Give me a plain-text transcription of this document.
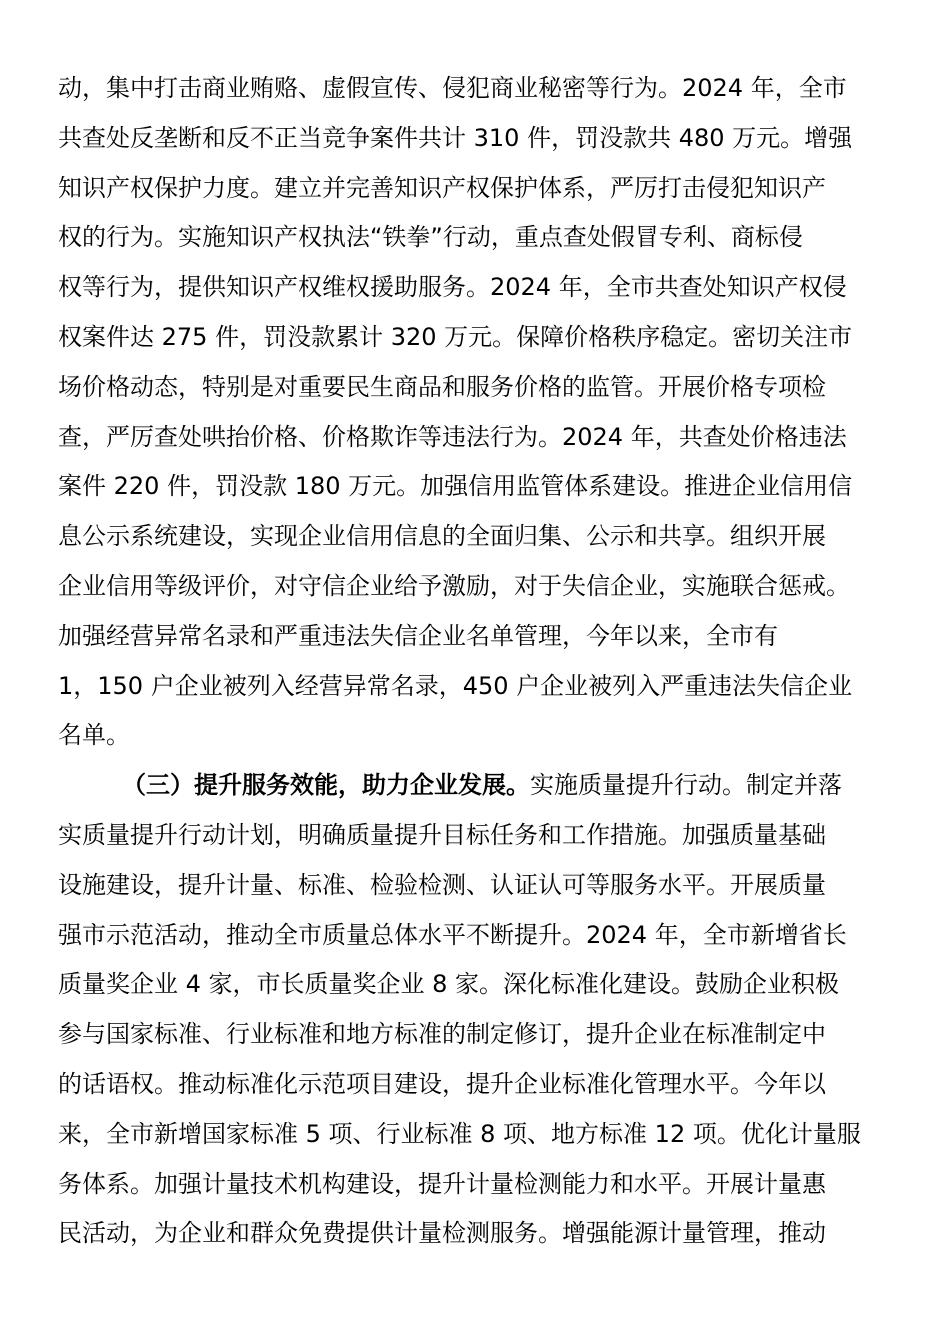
动，集中打击商业贿赂、虚假宣传、侵犯商业秘密等行为。2024 年，全市
共查处反垄断和反不正当竞争案件共计 310 件，罚没款共 480 万元。增强
知识产权保护力度。建立并完善知识产权保护体系，严厉打击侵犯知识产
权的行为。实施知识产权执法“铁拳”行动，重点查处假冒专利、商标侵
权等行为，提供知识产权维权援助服务。2024 年，全市共查处知识产权侵
权案件达 275 件，罚没款累计 320 万元。保障价格秩序稳定。密切关注市
场价格动态，特别是对重要民生商品和服务价格的监管。开展价格专项检
查，严厉查处哄抬价格、价格欺诈等违法行为。2024 年，共查处价格违法
案件 220 件，罚没款 180 万元。加强信用监管体系建设。推进企业信用信
息公示系统建设，实现企业信用信息的全面归集、公示和共享。组织开展
企业信用等级评价，对守信企业给予激励，对于失信企业，实施联合惩戒。
加强经营异常名录和严重违法失信企业名单管理，今年以来，全市有
1，150 户企业被列入经营异常名录，450 户企业被列入严重违法失信企业
名单。
（三）提升服务效能，助力企业发展。实施质量提升行动。制定并落
实质量提升行动计划，明确质量提升目标任务和工作措施。加强质量基础
设施建设，提升计量、标准、检验检测、认证认可等服务水平。开展质量
强市示范活动，推动全市质量总体水平不断提升。2024 年，全市新增省长
质量奖企业 4 家，市长质量奖企业 8 家。深化标准化建设。鼓励企业积极
参与国家标准、行业标准和地方标准的制定修订，提升企业在标准制定中
的话语权。推动标准化示范项目建设，提升企业标准化管理水平。今年以
来，全市新增国家标准 5 项、行业标准 8 项、地方标准 12 项。优化计量服
务体系。加强计量技术机构建设，提升计量检测能力和水平。开展计量惠
民活动，为企业和群众免费提供计量检测服务。增强能源计量管理，推动
